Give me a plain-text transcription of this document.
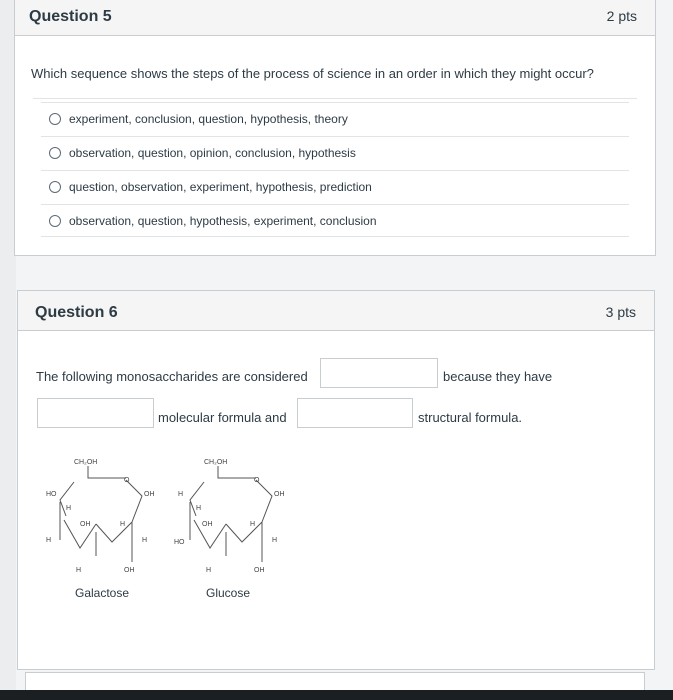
Question 5	2 pts
Which sequence shows the steps of the process of science in an order in which they might occur?
experiment, conclusion, question, hypothesis, theory
observation, question, opinion, conclusion, hypothesis
question, observation, experiment, hypothesis, prediction
observation, question, hypothesis, experiment, conclusion
Question 6	3 pts
The following monosaccharides are considered	because they have
molecular formula and	structural formula.
CH₂OH
O
HO	OH
H
OH	H
H	H
H	OH
CH₂OH
O
H	OH
H
OH	H
HO	H
H	OH
Galactose	Glucose
